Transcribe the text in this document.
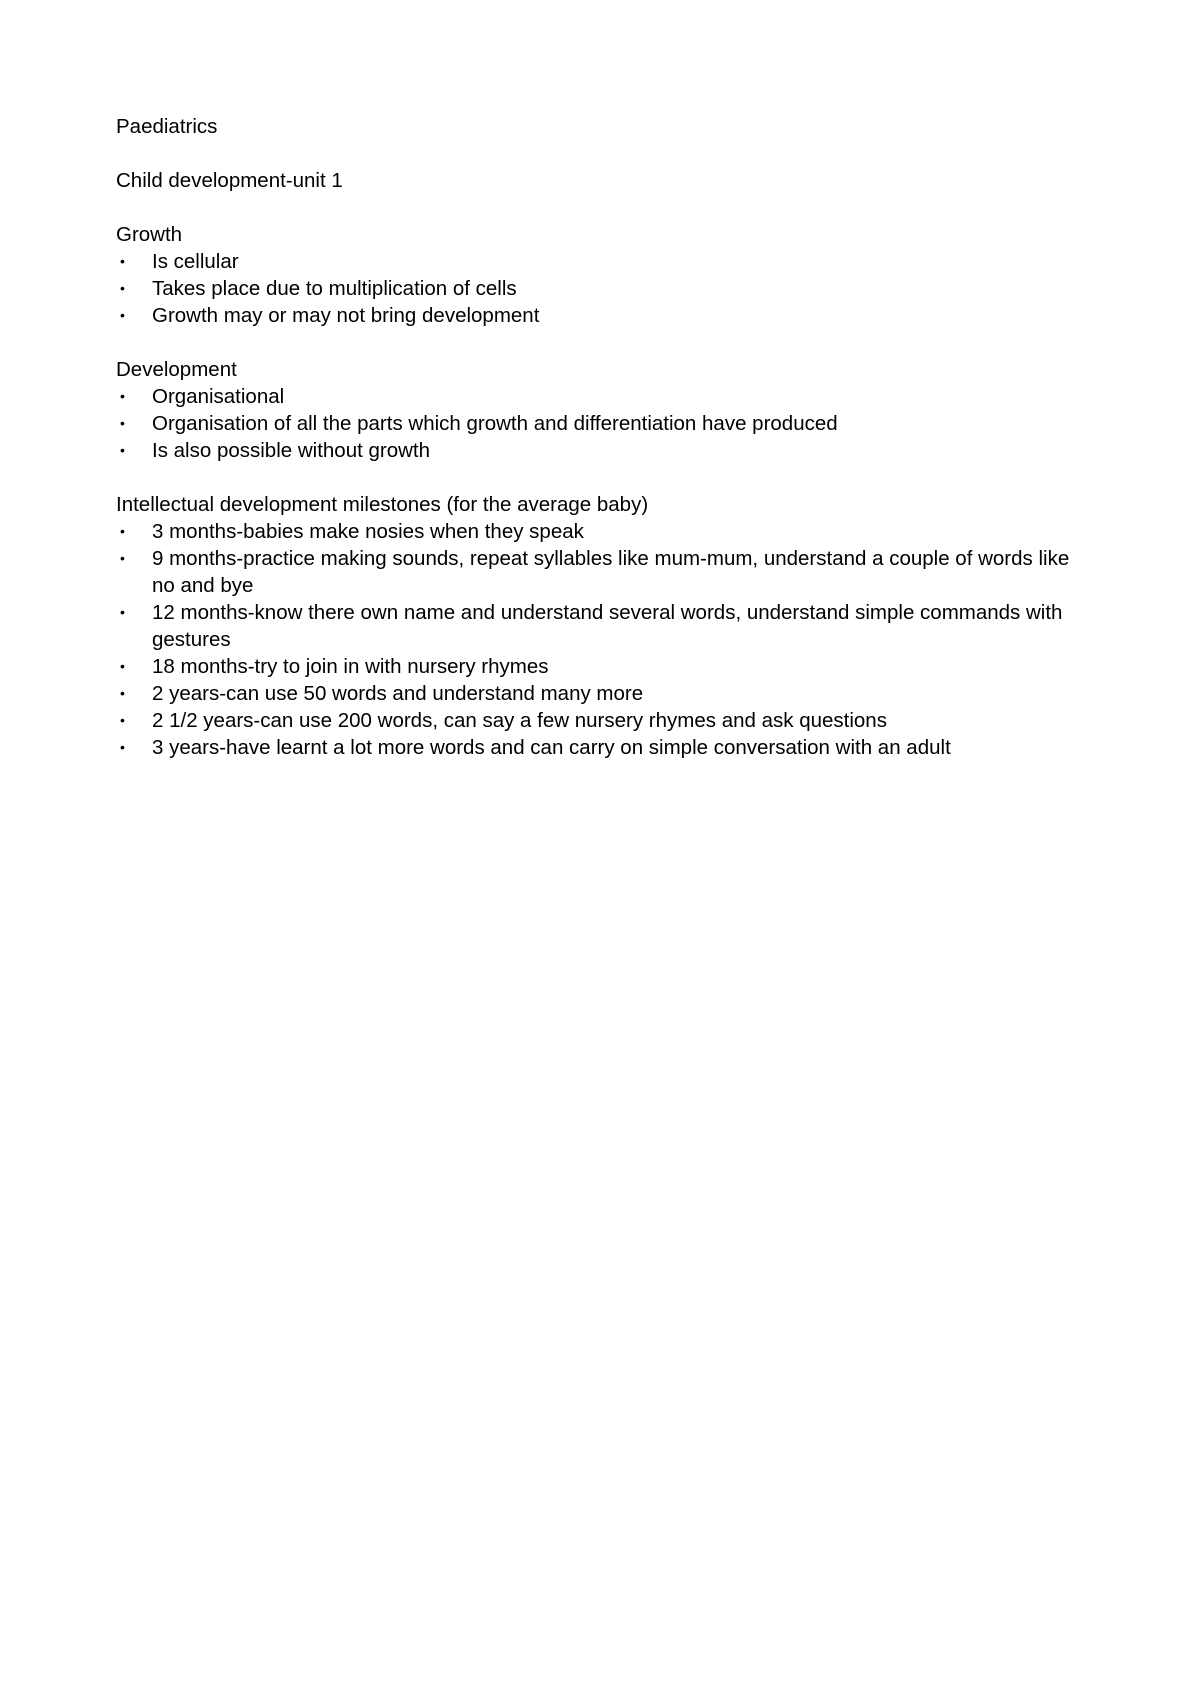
Paediatrics

Child development-unit 1

Growth

• Is cellular
• Takes place due to multiplication of cells
• Growth may or may not bring development

Development

• Organisational
• Organisation of all the parts which growth and differentiation have produced
• Is also possible without growth

Intellectual development milestones (for the average baby)

• 3 months-babies make nosies when they speak
• 9 months-practice making sounds, repeat syllables like mum-mum, understand a couple of words like no and bye
• 12 months-know there own name and understand several words, understand simple commands with gestures
• 18 months-try to join in with nursery rhymes
• 2 years-can use 50 words and understand many more
• 2 1/2 years-can use 200 words, can say a few nursery rhymes and ask questions
• 3 years-have learnt a lot more words and can carry on simple conversation with an adult
